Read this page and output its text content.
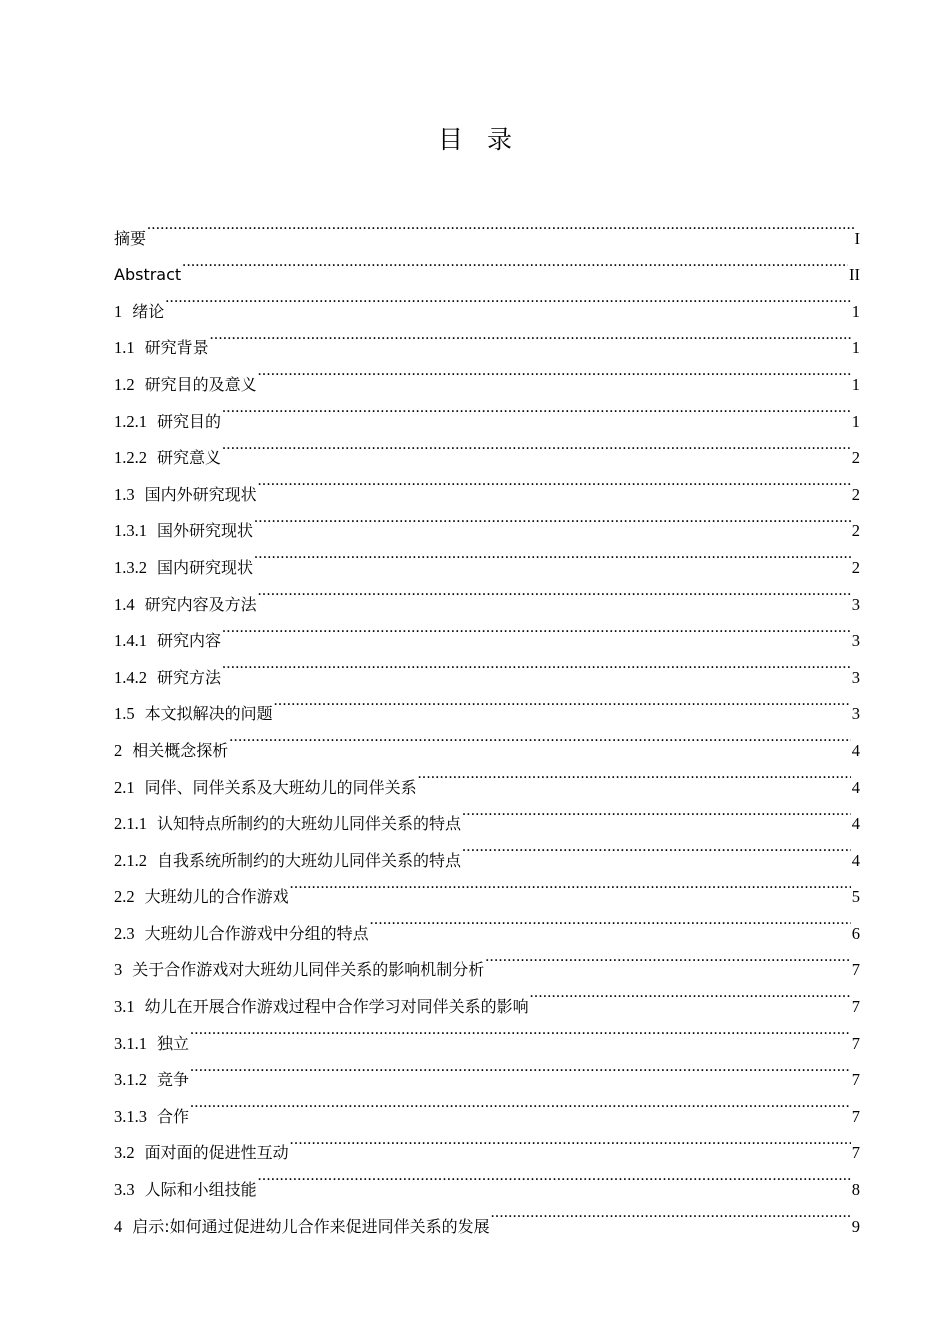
目录
摘要 .....	I
Abstract .....	II
1 绪论 .....	1
1.1 研究背景 .....	1
1.2 研究目的及意义 .....	1
1.2.1 研究目的 .....	1
1.2.2 研究意义 .....	2
1.3 国内外研究现状 .....	2
1.3.1 国外研究现状 .....	2
1.3.2 国内研究现状 .....	2
1.4 研究内容及方法 .....	3
1.4.1 研究内容 .....	3
1.4.2 研究方法 .....	3
1.5 本文拟解决的问题 .....	3
2 相关概念探析 .....	4
2.1 同伴、同伴关系及大班幼儿的同伴关系 .....	4
2.1.1 认知特点所制约的大班幼儿同伴关系的特点 .....	4
2.1.2 自我系统所制约的大班幼儿同伴关系的特点 .....	4
2.2 大班幼儿的合作游戏 .....	5
2.3 大班幼儿合作游戏中分组的特点 .....	6
3 关于合作游戏对大班幼儿同伴关系的影响机制分析 .....	7
3.1 幼儿在开展合作游戏过程中合作学习对同伴关系的影响 .....	7
3.1.1 独立 .....	7
3.1.2 竞争 .....	7
3.1.3 合作 .....	7
3.2 面对面的促进性互动 .....	7
3.3 人际和小组技能 .....	8
4 启示:如何通过促进幼儿合作来促进同伴关系的发展 .....	9
